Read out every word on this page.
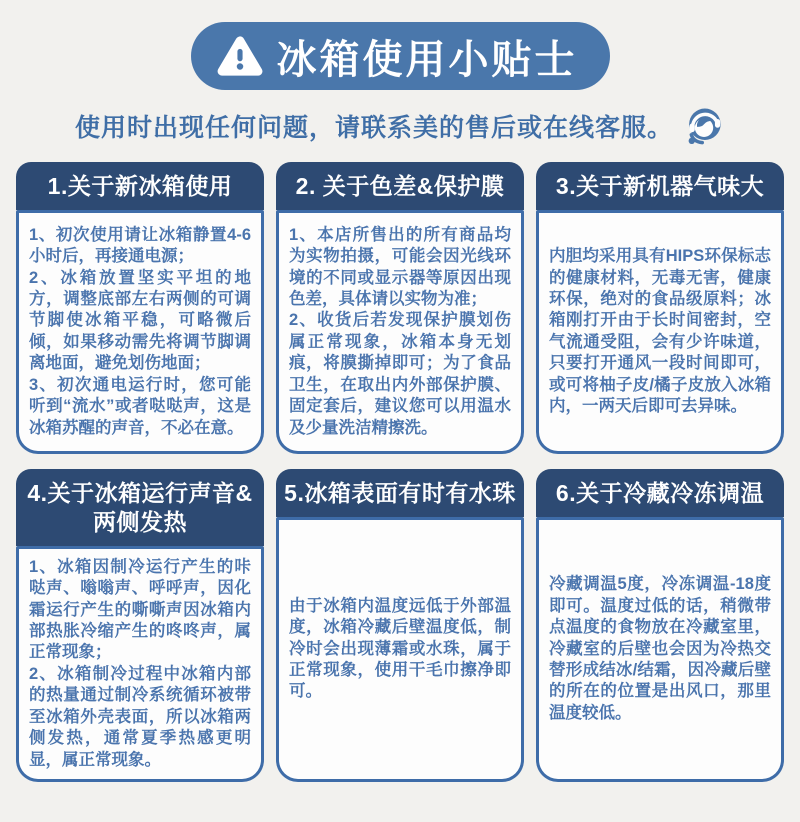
冰箱使用小贴士
使用时出现任何问题，请联系美的售后或在线客服。
1.关于新冰箱使用

1、初次使用请让冰箱静置4-6小时后，再接通电源；

2、冰箱放置坚实平坦的地方，调整底部左右两侧的可调节脚使冰箱平稳，可略微后倾，如果移动需先将调节脚调离地面，避免划伤地面；

3、初次通电运行时，您可能听到“流水”或者哒哒声，这是冰箱苏醒的声音，不必在意。

2. 关于色差&保护膜

1、本店所售出的所有商品均为实物拍摄，可能会因光线环境的不同或显示器等原因出现色差，具体请以实物为准；

2、收货后若发现保护膜划伤属正常现象，冰箱本身无划痕，将膜撕掉即可；为了食品卫生，在取出内外部保护膜、固定套后，建议您可以用温水及少量洗洁精擦洗。

3.关于新机器气味大

内胆均采用具有HIPS环保标志的健康材料，无毒无害，健康环保，绝对的食品级原料；冰箱刚打开由于长时间密封，空气流通受阻，会有少许味道，只要打开通风一段时间即可，或可将柚子皮/橘子皮放入冰箱内，一两天后即可去异味。

4.关于冰箱运行声音&两侧发热

1、冰箱因制冷运行产生的咔哒声、嗡嗡声、呼呼声，因化霜运行产生的嘶嘶声因冰箱内部热胀冷缩产生的咚咚声，属正常现象；

2、冰箱制冷过程中冰箱内部的热量通过制冷系统循环被带至冰箱外壳表面，所以冰箱两侧发热，通常夏季热感更明显，属正常现象。

5.冰箱表面有时有水珠

由于冰箱内温度远低于外部温度，冰箱冷藏后壁温度低，制冷时会出现薄霜或水珠，属于正常现象，使用干毛巾擦净即可。

6.关于冷藏冷冻调温

冷藏调温5度，冷冻调温-18度即可。温度过低的话，稍微带点温度的食物放在冷藏室里，冷藏室的后壁也会因为冷热交替形成结冰/结霜，因冷藏后壁的所在的位置是出风口，那里温度较低。
